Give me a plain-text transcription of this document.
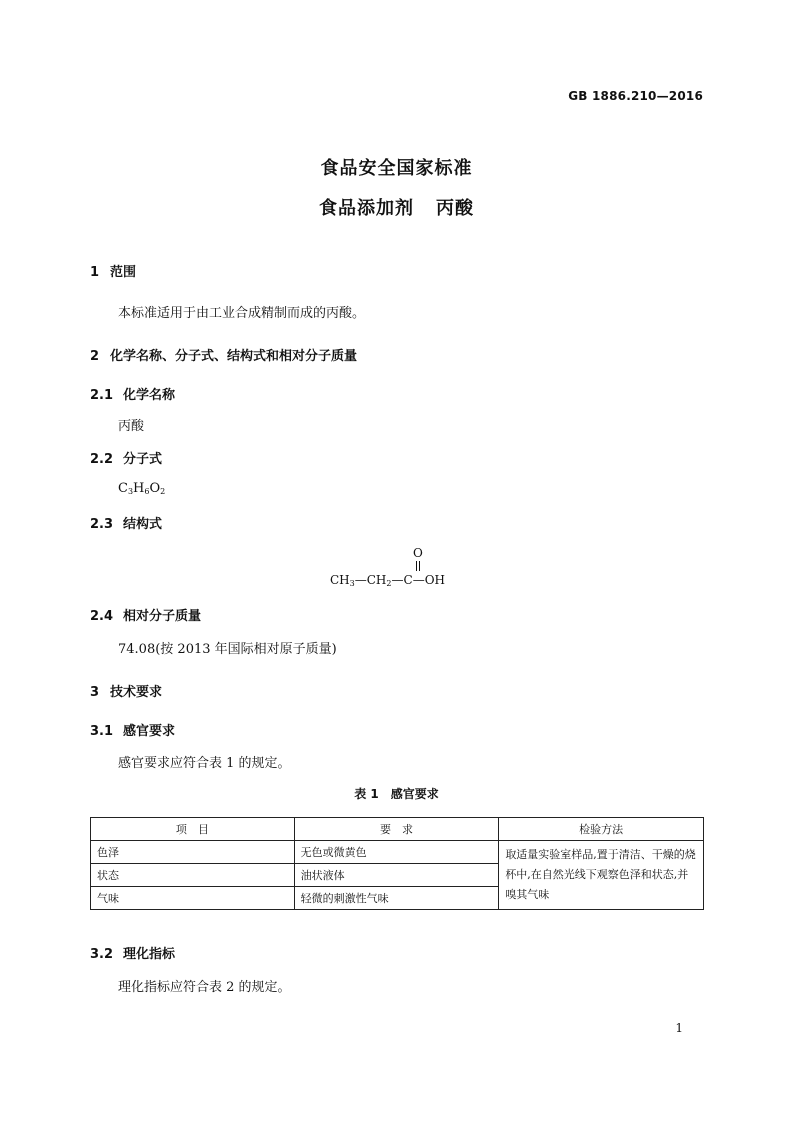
GB 1886.210—2016
食品安全国家标准
食品添加剂 丙酸
1 范围
本标准适用于由工业合成精制而成的丙酸。
2 化学名称、分子式、结构式和相对分子质量
2.1 化学名称
丙酸
2.2 分子式
$C_3H_6O_2$
2.3 结构式
O
$CH_3—CH_2—C—OH$
2.4 相对分子质量
74.08(按 2013 年国际相对原子质量)
3 技术要求
3.1 感官要求
感官要求应符合表 1 的规定。
表 1 感官要求
项　目	要　求	检验方法
色泽	无色或微黄色	取适量实验室样品,置于清洁、干燥的烧杯中,在自然光线下观察色泽和状态,并嗅其气味
状态	油状液体	
气味	轻微的刺激性气味	
3.2 理化指标
理化指标应符合表 2 的规定。
1
